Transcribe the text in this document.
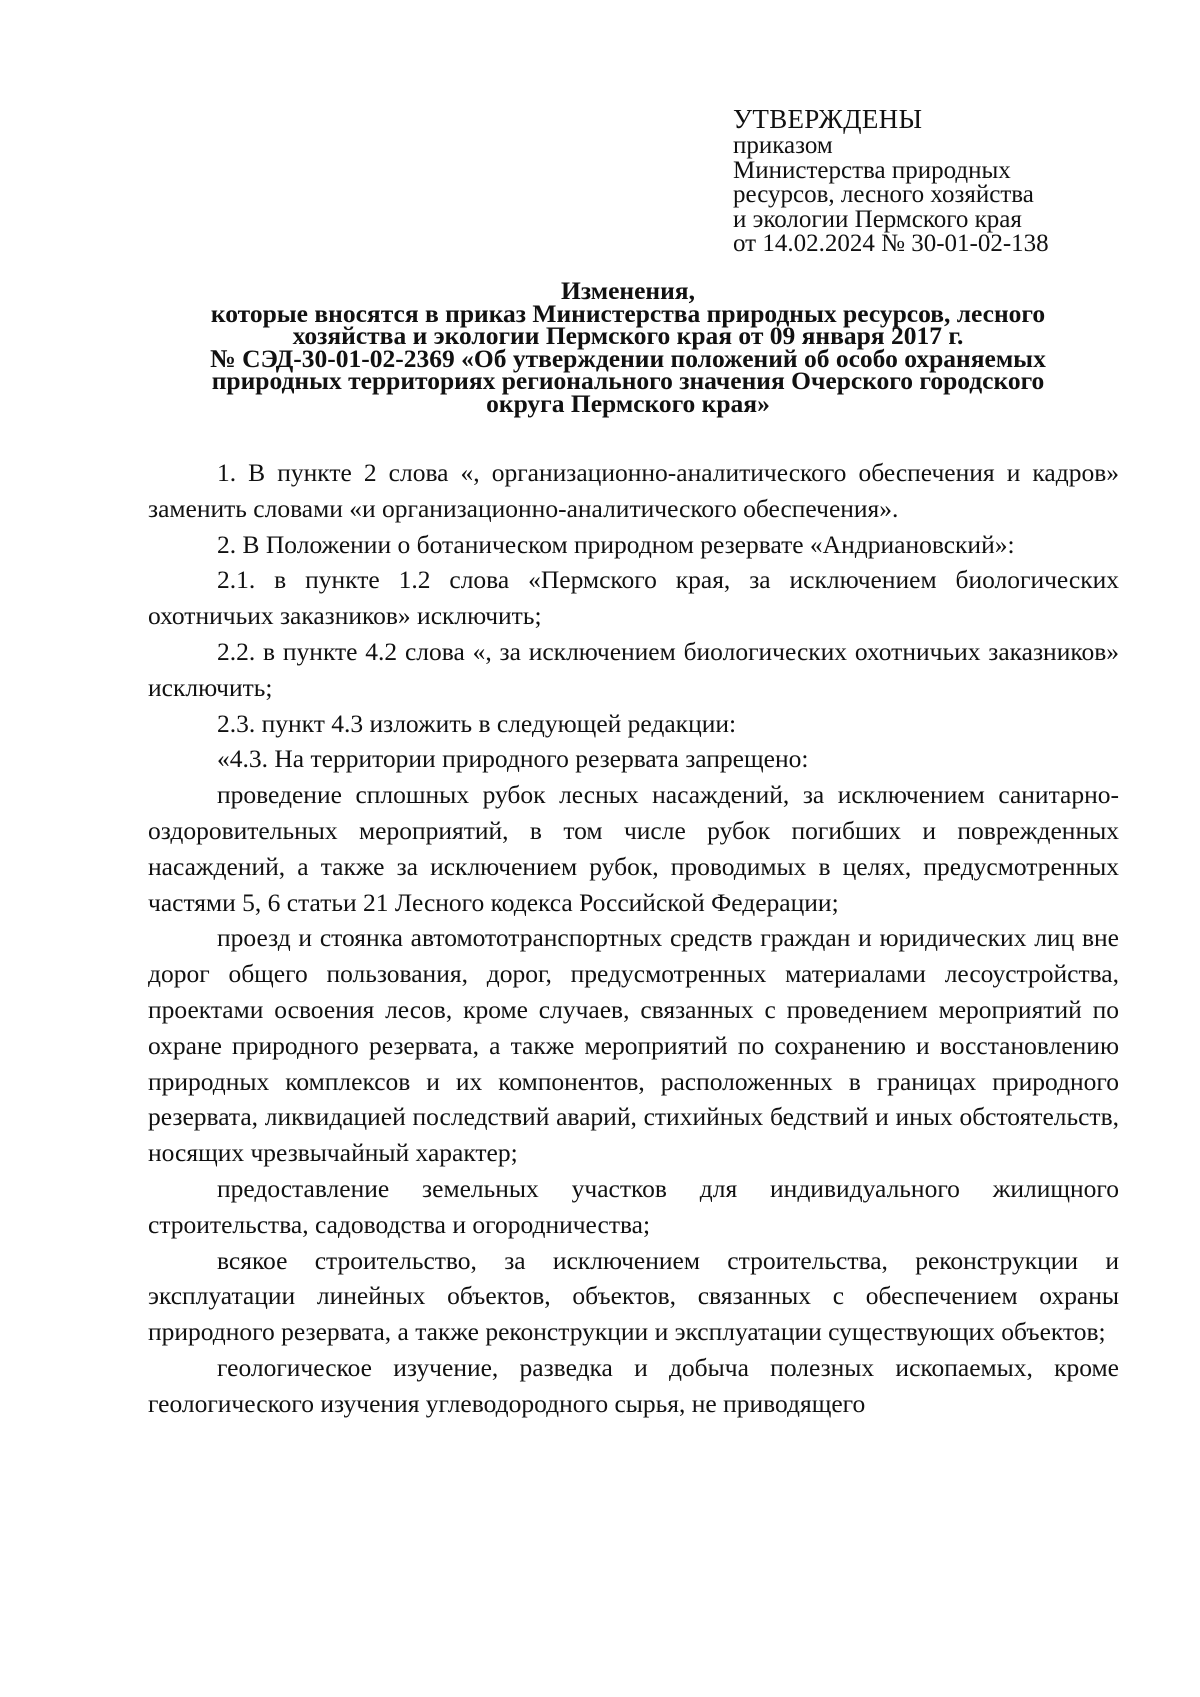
УТВЕРЖДЕНЫ
приказом
Министерства природных
ресурсов, лесного хозяйства
и экологии Пермского края
от 14.02.2024 № 30-01-02-138
Изменения,
которые вносятся в приказ Министерства природных ресурсов, лесного
хозяйства и экологии Пермского края от 09 января 2017 г.
№ СЭД-30-01-02-2369 «Об утверждении положений об особо охраняемых
природных территориях регионального значения Очерского городского
округа Пермского края»

1. В пункте 2 слова «, организационно-аналитического обеспечения и кадров» заменить словами «и организационно-аналитического обеспечения».

2. В Положении о ботаническом природном резервате «Андриановский»:

2.1. в пункте 1.2 слова «Пермского края, за исключением биологических охотничьих заказников» исключить;

2.2. в пункте 4.2 слова «, за исключением биологических охотничьих заказников» исключить;

2.3. пункт 4.3 изложить в следующей редакции:

«4.3. На территории природного резервата запрещено:

проведение сплошных рубок лесных насаждений, за исключением санитарно-оздоровительных мероприятий, в том числе рубок погибших и поврежденных насаждений, а также за исключением рубок, проводимых в целях, предусмотренных частями 5, 6 статьи 21 Лесного кодекса Российской Федерации;

проезд и стоянка автомототранспортных средств граждан и юридических лиц вне дорог общего пользования, дорог, предусмотренных материалами лесоустройства, проектами освоения лесов, кроме случаев, связанных с проведением мероприятий по охране природного резервата, а также мероприятий по сохранению и восстановлению природных комплексов и их компонентов, расположенных в границах природного резервата, ликвидацией последствий аварий, стихийных бедствий и иных обстоятельств, носящих чрезвычайный характер;

предоставление земельных участков для индивидуального жилищного строительства, садоводства и огородничества;

всякое строительство, за исключением строительства, реконструкции и эксплуатации линейных объектов, объектов, связанных с обеспечением охраны природного резервата, а также реконструкции и эксплуатации существующих объектов;

геологическое изучение, разведка и добыча полезных ископаемых, кроме геологического изучения углеводородного сырья, не приводящего
